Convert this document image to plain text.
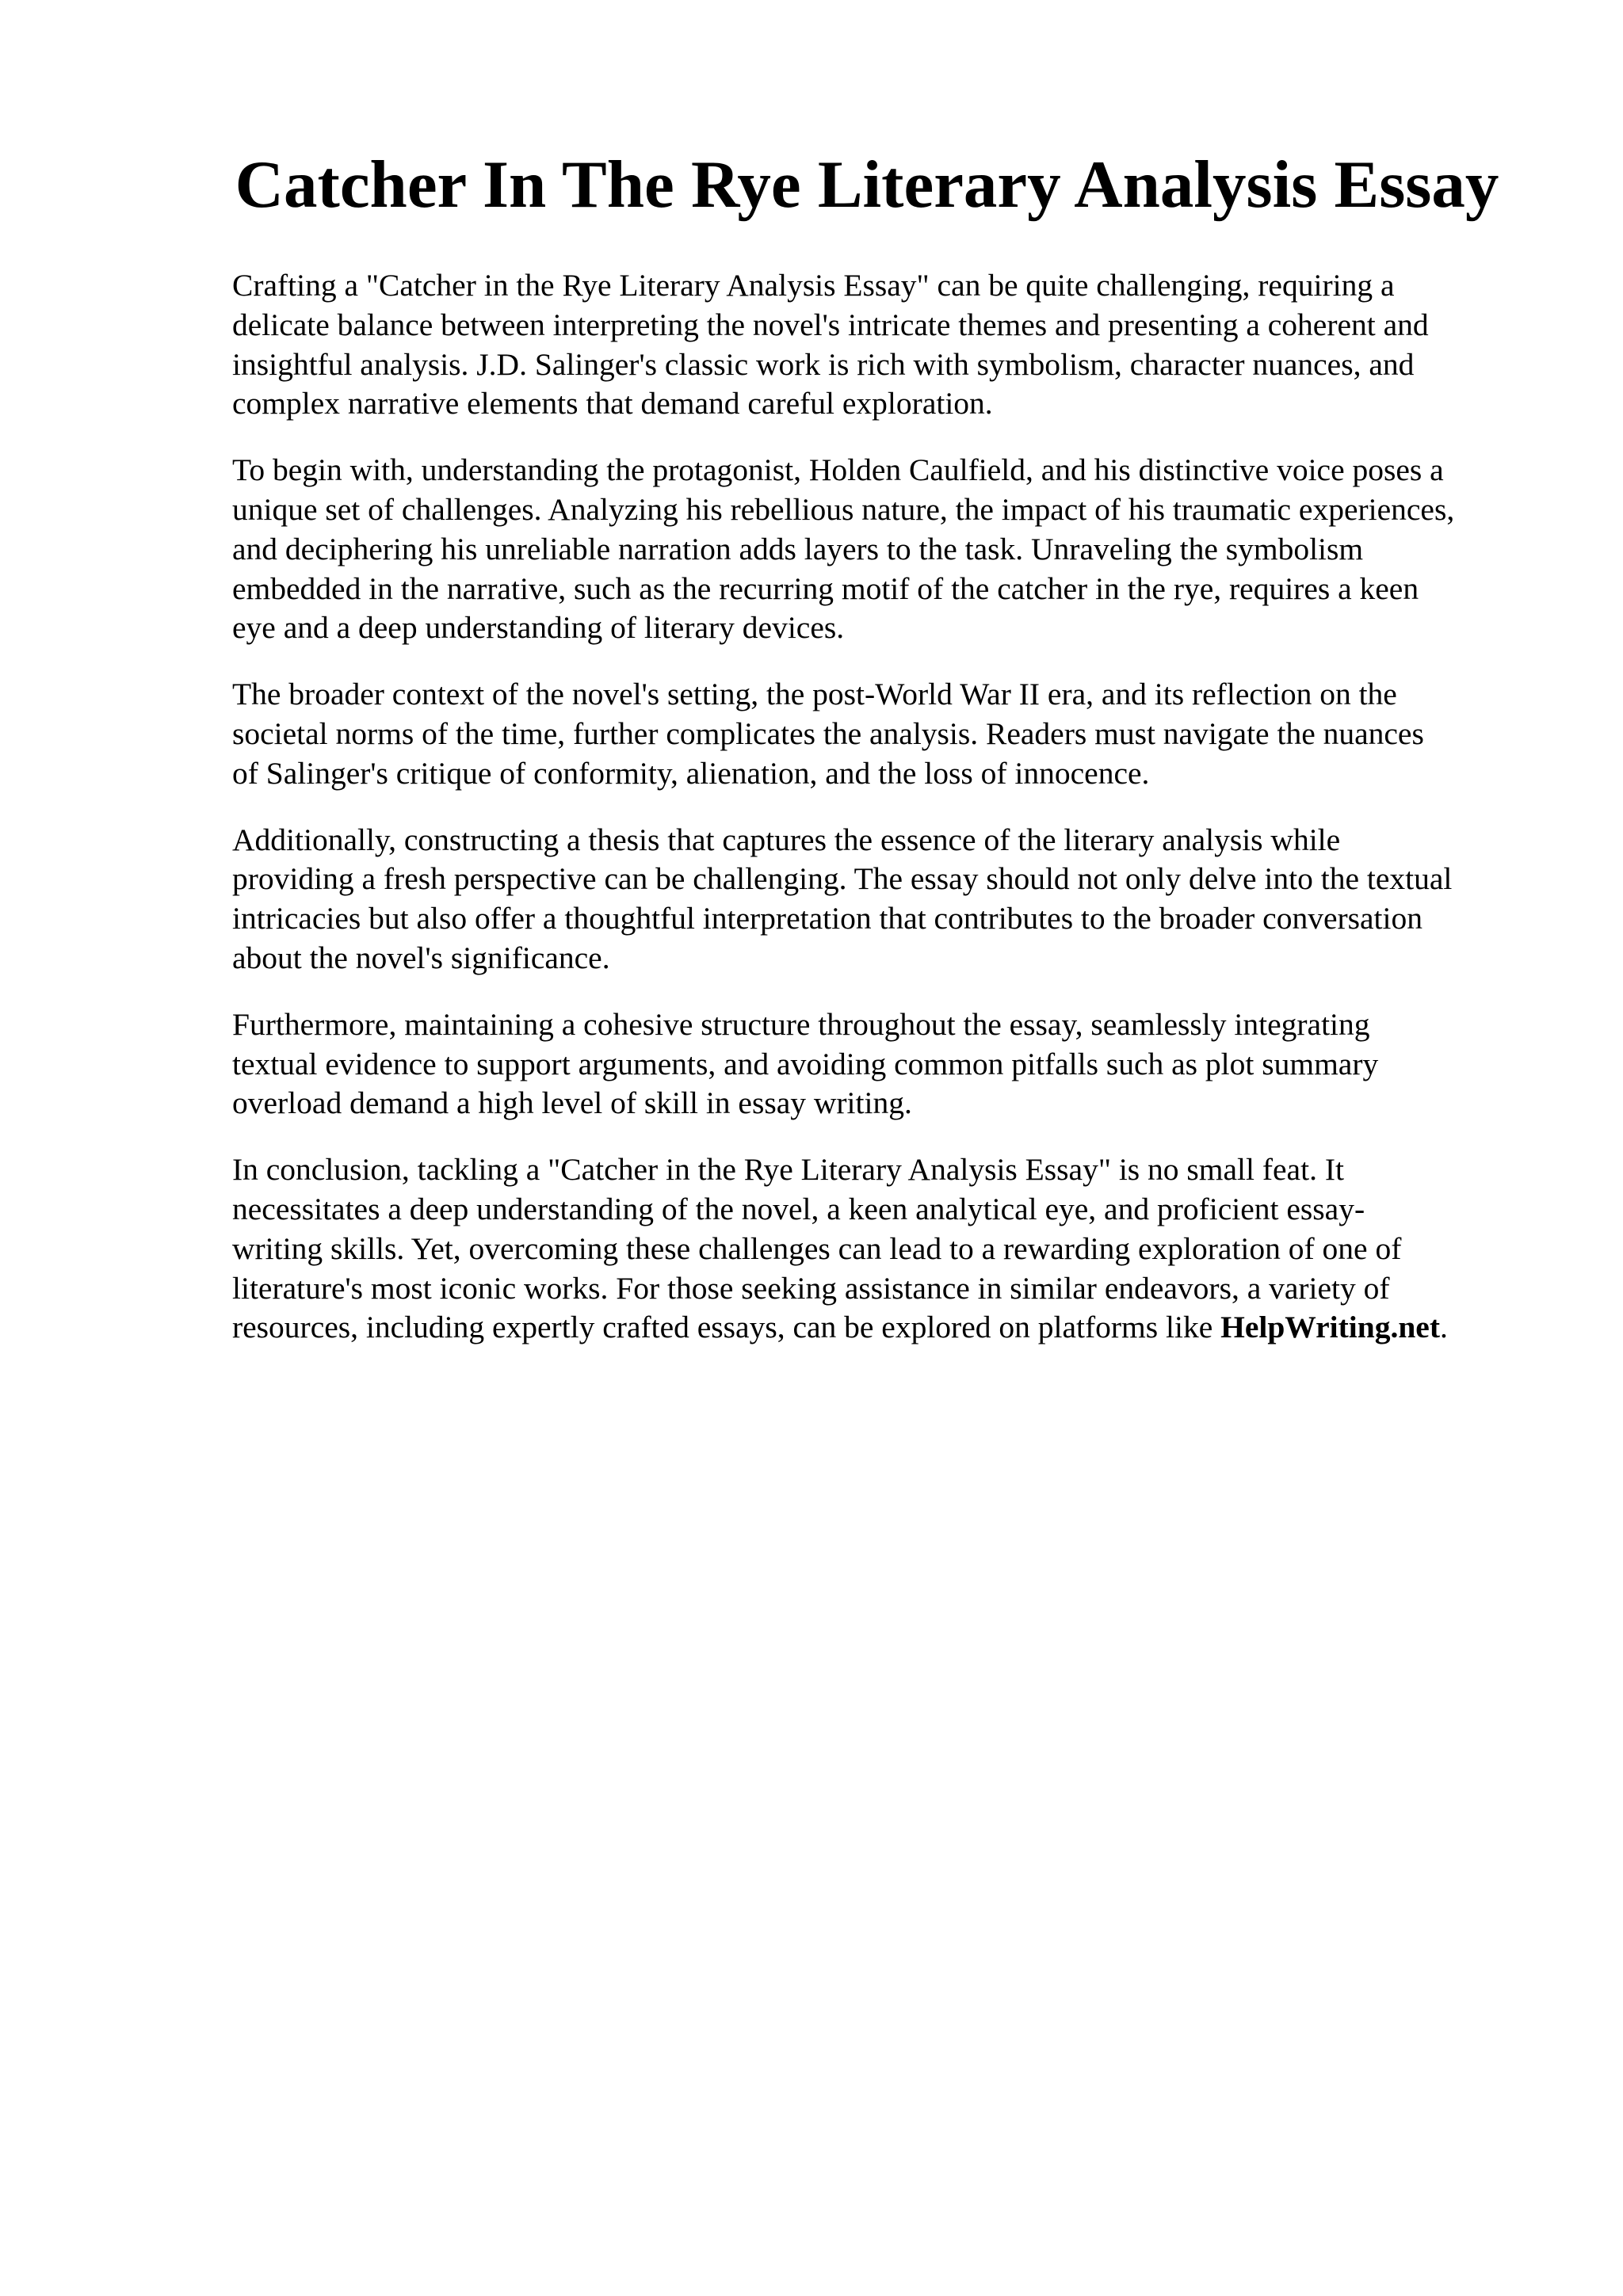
Catcher In The Rye Literary Analysis Essay

Crafting a "Catcher in the Rye Literary Analysis Essay" can be quite challenging, requiring a
delicate balance between interpreting the novel's intricate themes and presenting a coherent and
insightful analysis. J.D. Salinger's classic work is rich with symbolism, character nuances, and
complex narrative elements that demand careful exploration.

To begin with, understanding the protagonist, Holden Caulfield, and his distinctive voice poses a
unique set of challenges. Analyzing his rebellious nature, the impact of his traumatic experiences,
and deciphering his unreliable narration adds layers to the task. Unraveling the symbolism
embedded in the narrative, such as the recurring motif of the catcher in the rye, requires a keen
eye and a deep understanding of literary devices.

The broader context of the novel's setting, the post-World War II era, and its reflection on the
societal norms of the time, further complicates the analysis. Readers must navigate the nuances
of Salinger's critique of conformity, alienation, and the loss of innocence.

Additionally, constructing a thesis that captures the essence of the literary analysis while
providing a fresh perspective can be challenging. The essay should not only delve into the textual
intricacies but also offer a thoughtful interpretation that contributes to the broader conversation
about the novel's significance.

Furthermore, maintaining a cohesive structure throughout the essay, seamlessly integrating
textual evidence to support arguments, and avoiding common pitfalls such as plot summary
overload demand a high level of skill in essay writing.

In conclusion, tackling a "Catcher in the Rye Literary Analysis Essay" is no small feat. It
necessitates a deep understanding of the novel, a keen analytical eye, and proficient essay-
writing skills. Yet, overcoming these challenges can lead to a rewarding exploration of one of
literature's most iconic works. For those seeking assistance in similar endeavors, a variety of
resources, including expertly crafted essays, can be explored on platforms like HelpWriting.net.
